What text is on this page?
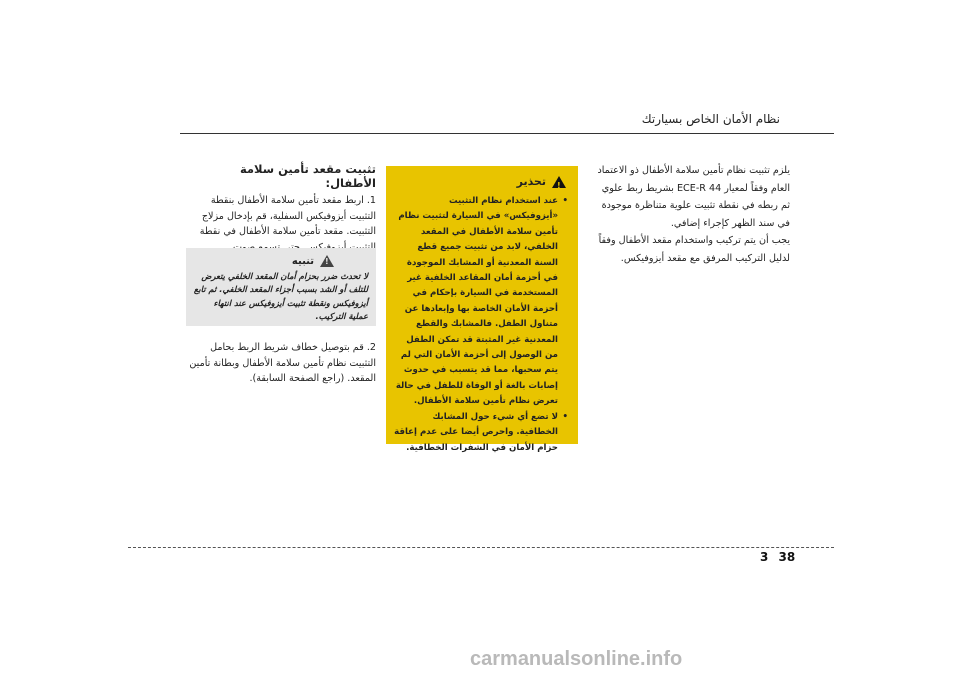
نظام الأمان الخاص بسيارتك

يلزم تثبيت نظام تأمين سلامة الأطفال ذو الاعتماد العام وفقاً لمعيار ECE-R 44 بشريط ربط علوي ثم ربطه في نقطة تثبيت علوية متناظرة موجودة في سند الظهر كإجراء إضافي.

يجب أن يتم تركيب واستخدام مقعد الأطفال وفقاً لدليل التركيب المرفق مع مقعد أيزوفيكس.

!
تحذير
• عند استخدام نظام التثبيت «أيزوفيكس» في السيارة لتثبيت نظام تأمين سلامة الأطفال في المقعد الخلفي، لابد من تثبيت جميع قطع السنة المعدنية أو المشابك الموجودة في أحزمة أمان المقاعد الخلفية غير المستخدمة في السيارة بإحكام في أحزمة الأمان الخاصة بها وإبعادها عن متناول الطفل. فالمشابك والقطع المعدنية غير المثبتة قد تمكن الطفل من الوصول إلى أحزمة الأمان التي لم يتم سحبها، مما قد يتسبب في حدوث إصابات بالغة أو الوفاة للطفل في حالة تعرض نظام تأمين سلامة الأطفال.
• لا تضع أي شيء حول المشابك الخطافية. واحرص أيضا على عدم إعاقة حزام الأمان في الشفرات الخطافية.

تثبيت مقعد تأمين سلامة الأطفال:

1. اربط مقعد تأمين سلامة الأطفال بنقطة التثبيت أيزوفيكس السفلية، قم بإدخال مزلاج التثبيت. مقعد تأمين سلامة الأطفال في نقطة

!
تنبيه

لا تحدث ضرر بحزام أمان المقعد الخلفي يتعرض للتلف أو الشد بسبب أجزاء المقعد الخلفي. ثم تابع أيزوفيكس ونقطة تثبيت أيزوفيكس عند انتهاء عملية التركيب.

2. قم بتوصيل خطاف شريط الربط بحامل التثبيت نظام تأمين سلامة الأطفال وبطانة تأمين المقعد. (راجع الصفحة السابقة).

3 38
carmanualsonline.info
